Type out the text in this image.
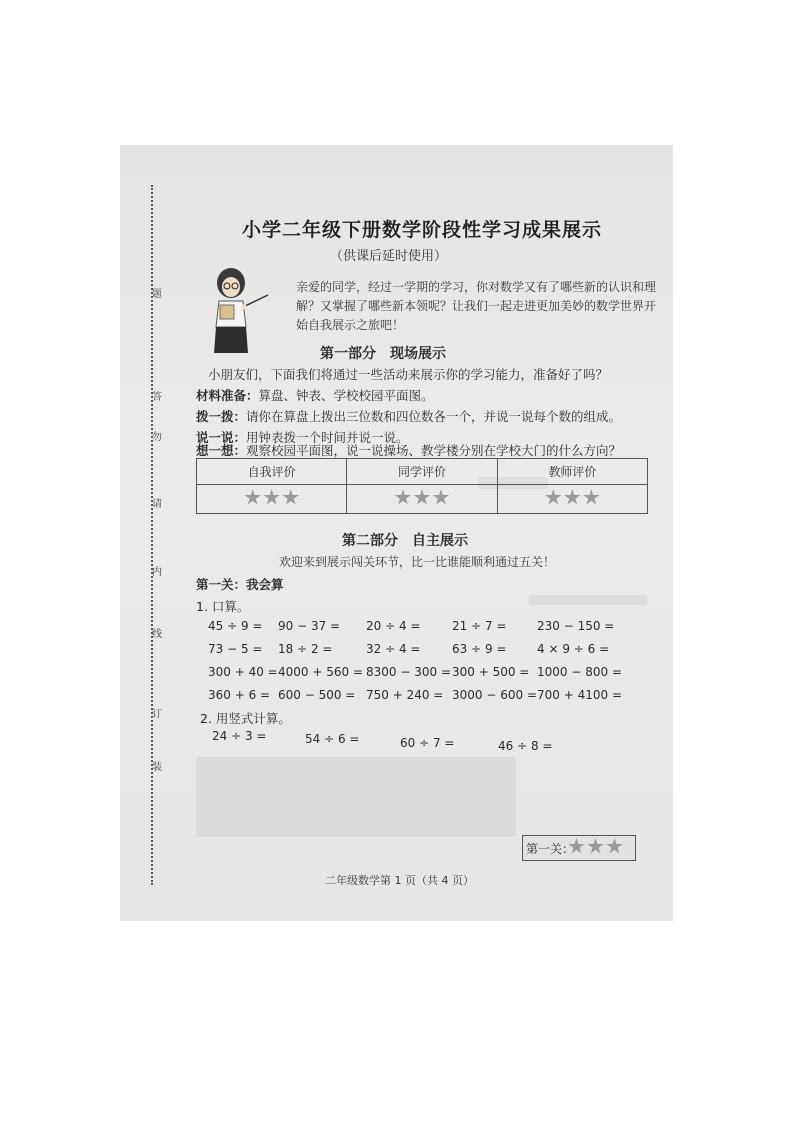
题
答
勿
请
内
线
订
装
小学二年级下册数学阶段性学习成果展示
（供课后延时使用）
亲爱的同学，经过一学期的学习，你对数学又有了哪些新的认识和理解？又掌握了哪些新本领呢？让我们一起走进更加美妙的数学世界开始自我展示之旅吧！
第一部分　现场展示
小朋友们，下面我们将通过一些活动来展示你的学习能力，准备好了吗？
材料准备：算盘、钟表、学校校园平面图。
拨一拨：请你在算盘上拨出三位数和四位数各一个，并说一说每个数的组成。
说一说：用钟表拨一个时间并说一说。
想一想：观察校园平面图，说一说操场、教学楼分别在学校大门的什么方向？
自我评价	同学评价	教师评价

第二部分　自主展示
欢迎来到展示闯关环节，比一比谁能顺利通过五关！
第一关：我会算
1. 口算。
45 ÷ 9 = 90 − 37 = 20 ÷ 4 =	21 ÷ 7 =	230 − 150 =
73 − 5 = 18 ÷ 2 =	32 ÷ 4 =	63 ÷ 9 =	4 × 9 ÷ 6 =
300 + 40 = 4000 + 560 = 8300 − 300 = 300 + 500 = 1000 − 800 =
360 + 6 = 600 − 500 = 750 + 240 = 3000 − 600 = 700 + 4100 =
2. 用竖式计算。
24 ÷ 3 =	54 ÷ 6 =	60 ÷ 7 =	46 ÷ 8 =
第一关：
二年级数学第 1 页（共 4 页）
